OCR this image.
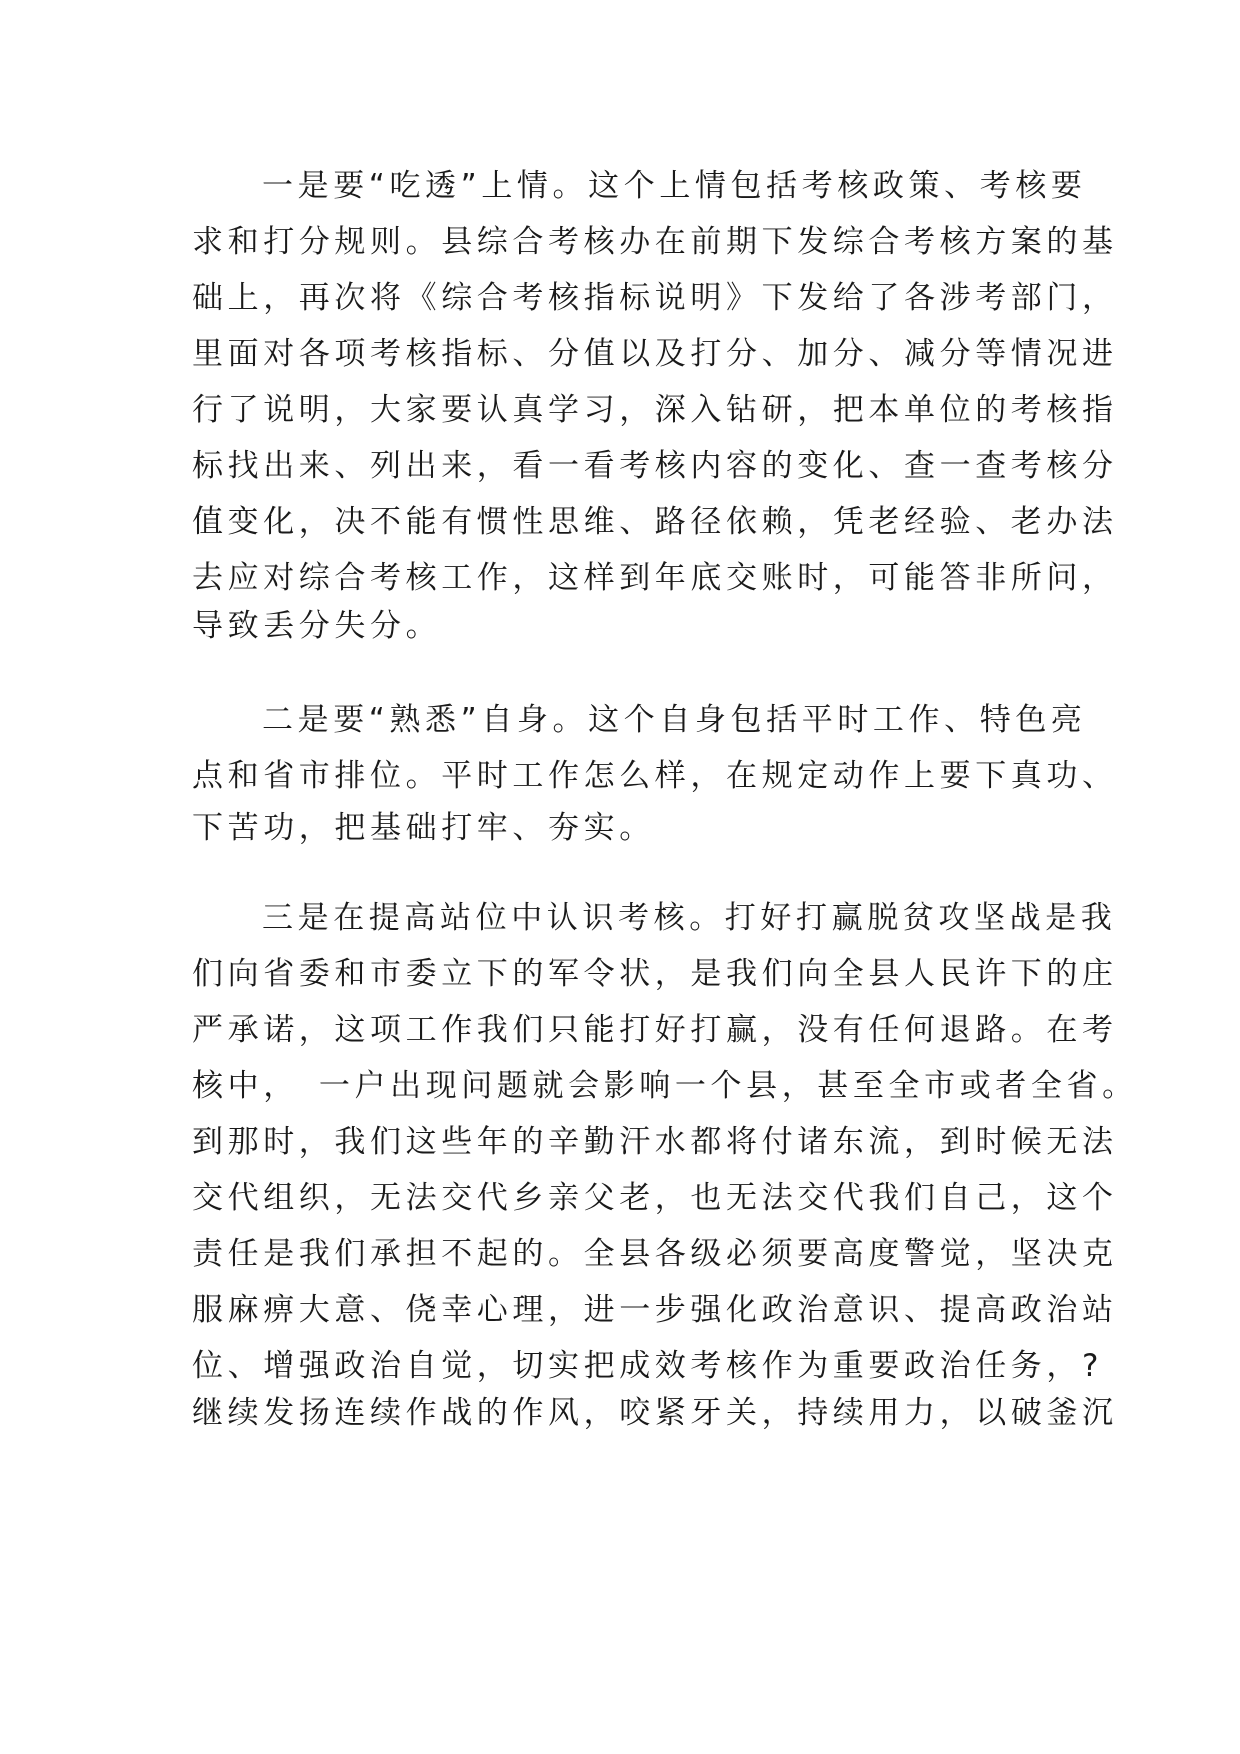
一是要“吃透”上情。这个上情包括考核政策、考核要
求和打分规则。县综合考核办在前期下发综合考核方案的基
础上，再次将《综合考核指标说明》下发给了各涉考部门，
里面对各项考核指标、分值以及打分、加分、减分等情况进
行了说明，大家要认真学习，深入钻研，把本单位的考核指
标找出来、列出来，看一看考核内容的变化、查一查考核分
值变化，决不能有惯性思维、路径依赖，凭老经验、老办法
去应对综合考核工作，这样到年底交账时，可能答非所问，
导致丢分失分。
二是要“熟悉”自身。这个自身包括平时工作、特色亮
点和省市排位。平时工作怎么样，在规定动作上要下真功、
下苦功，把基础打牢、夯实。
三是在提高站位中认识考核。打好打赢脱贫攻坚战是我
们向省委和市委立下的军令状，是我们向全县人民许下的庄
严承诺，这项工作我们只能打好打赢，没有任何退路。在考
核中，　一户出现问题就会影响一个县，甚至全市或者全省。
到那时，我们这些年的辛勤汗水都将付诸东流，到时候无法
交代组织，无法交代乡亲父老，也无法交代我们自己，这个
责任是我们承担不起的。全县各级必须要高度警觉，坚决克
服麻痹大意、侥幸心理，进一步强化政治意识、提高政治站
位、增强政治自觉，切实把成效考核作为重要政治任务，?
继续发扬连续作战的作风，咬紧牙关，持续用力，以破釜沉
